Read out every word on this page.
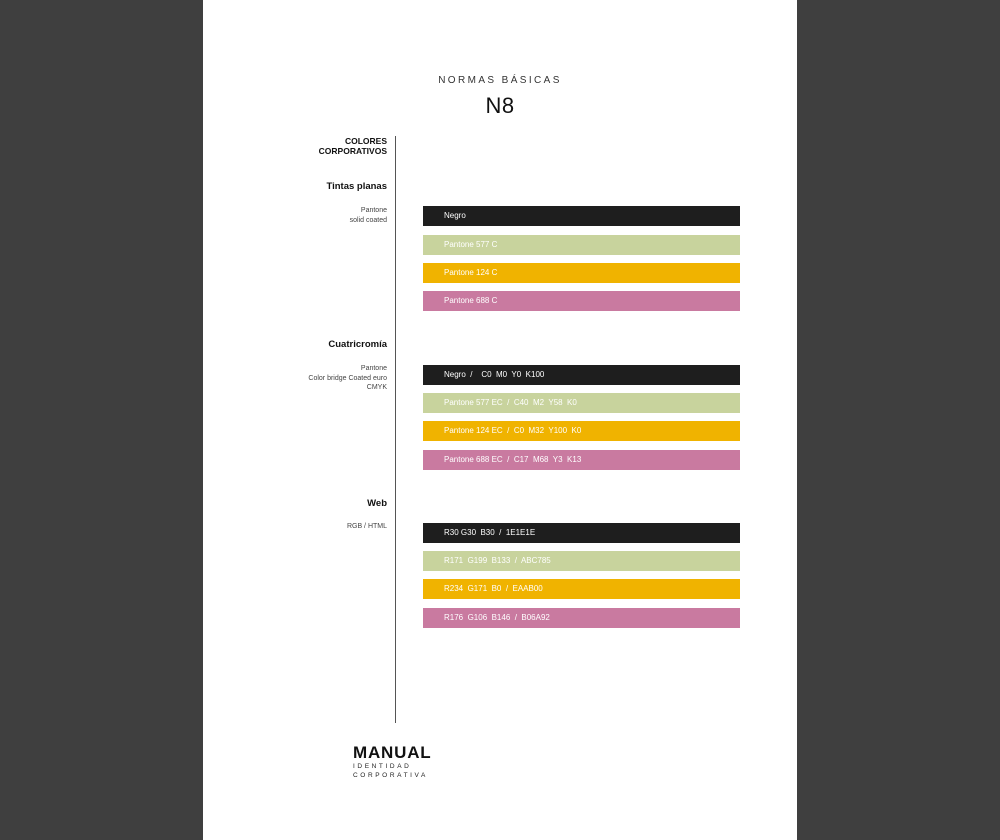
NORMAS BÁSICAS
N8
COLORES
CORPORATIVOS
Tintas planas
Pantone
solid coated	Negro
Pantone 577 C
Pantone 124 C
Pantone 688 C
Cuatricromía
Pantone
Color bridge Coated euro
CMYK
Negro  /    C0  M0  Y0  K100
Pantone 577 EC  /  C40  M2  Y58  K0
Pantone 124 EC  /  C0  M32  Y100  K0
Pantone 688 EC  /  C17  M68  Y3  K13
Web
RGB / HTML
R30 G30  B30  /  1E1E1E
R171  G199  B133  /  ABC785
R234  G171  B0  /  EAAB00
R176  G106  B146  /  B06A92
MANUAL
IDENTIDAD
CORPORATIVA
